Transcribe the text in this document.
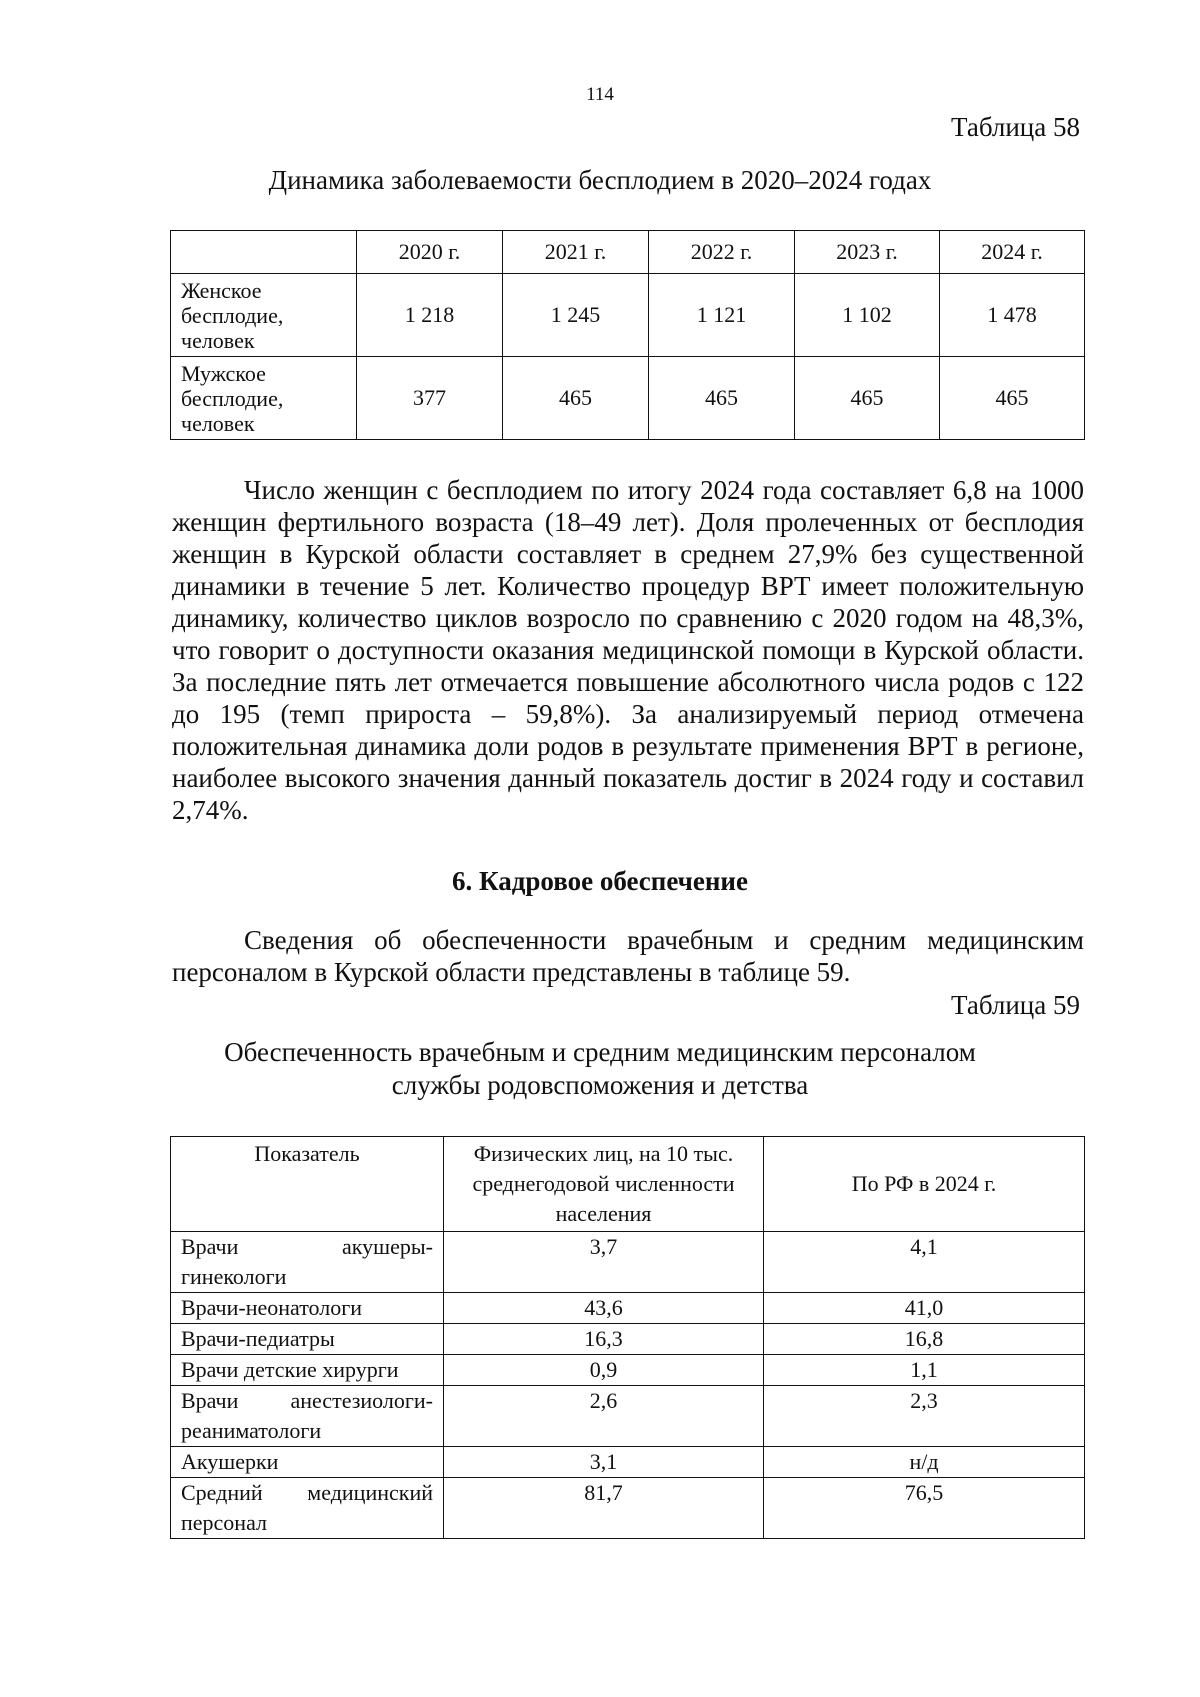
114
Таблица 58
Динамика заболеваемости бесплодием в 2020–2024 годах
	2020 г.	2021 г.	2022 г.	2023 г.	2024 г.
Женское
бесплодие,
человек	1 218	1 245	1 121	1 102	1 478
Мужское
бесплодие,
человек	377	465	465	465	465

Число женщин с бесплодием по итогу 2024 года составляет 6,8 на 1000 женщин фертильного возраста (18–49 лет). Доля пролеченных от бесплодия женщин в Курской области составляет в среднем 27,9% без существенной динамики в течение 5 лет. Количество процедур ВРТ имеет положительную динамику, количество циклов возросло по сравнению с 2020 годом на 48,3%, что говорит о доступности оказания медицинской помощи в Курской области. За последние пять лет отмечается повышение абсолютного числа родов с 122 до 195 (темп прироста – 59,8%). За анализируемый период отмечена положительная динамика доли родов в результате применения ВРТ в регионе, наиболее высокого значения данный показатель достиг в 2024 году и составил 2,74%.

6. Кадровое обеспечение

Сведения об обеспеченности врачебным и средним медицинским персоналом в Курской области представлены в таблице 59.

Таблица 59
Обеспеченность врачебным и средним медицинским персоналом
службы родовспоможения и детства
Показатель	Физических лиц, на 10 тыс.
среднегодовой численности
населения	По РФ в 2024 г.
Врачи акушеры-гинекологи	3,7	4,1
Врачи-неонатологи	43,6	41,0
Врачи-педиатры	16,3	16,8
Врачи детские хирурги	0,9	1,1
Врачи анестезиологи-реаниматологи	2,6	2,3
Акушерки	3,1	н/д
Средний медицинский персонал	81,7	76,5
